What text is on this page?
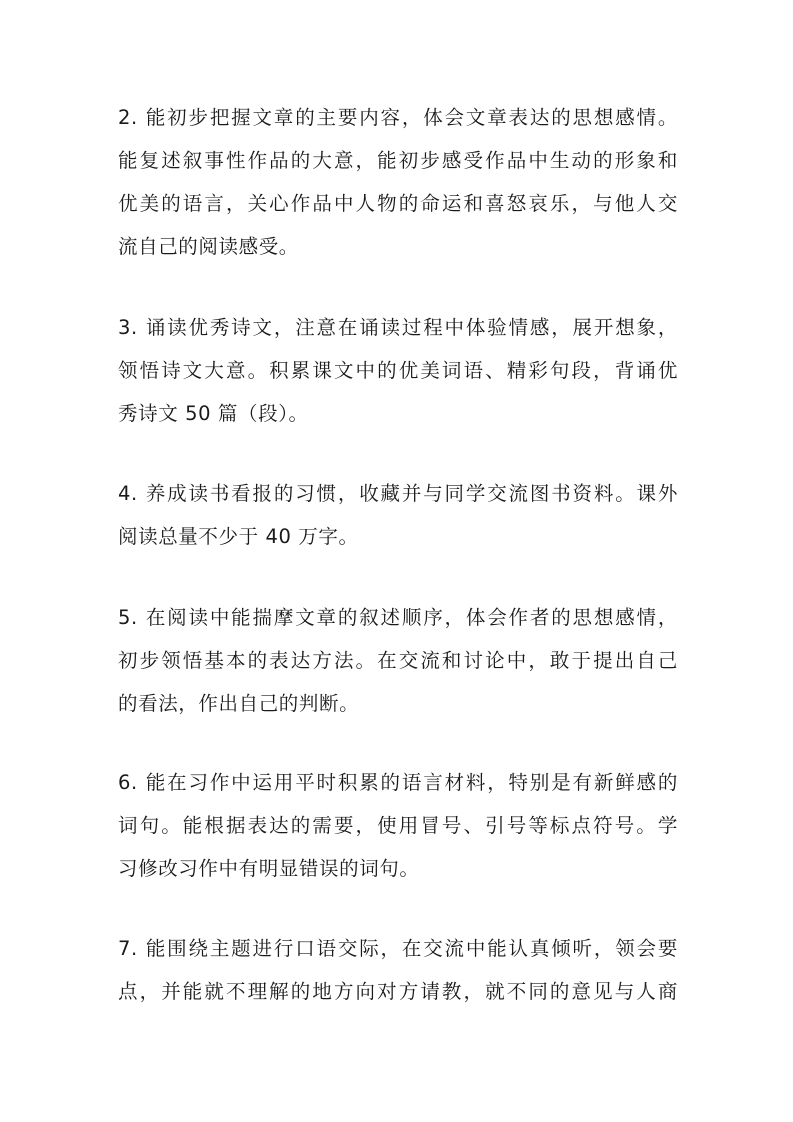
2. 能初步把握文章的主要内容，体会文章表达的思想感情。
能复述叙事性作品的大意，能初步感受作品中生动的形象和
优美的语言，关心作品中人物的命运和喜怒哀乐，与他人交
流自己的阅读感受。
3. 诵读优秀诗文，注意在诵读过程中体验情感，展开想象，
领悟诗文大意。积累课文中的优美词语、精彩句段，背诵优
秀诗文 50 篇（段）。
4. 养成读书看报的习惯，收藏并与同学交流图书资料。课外
阅读总量不少于 40 万字。
5. 在阅读中能揣摩文章的叙述顺序，体会作者的思想感情，
初步领悟基本的表达方法。在交流和讨论中，敢于提出自己
的看法，作出自己的判断。
6. 能在习作中运用平时积累的语言材料，特别是有新鲜感的
词句。能根据表达的需要，使用冒号、引号等标点符号。学
习修改习作中有明显错误的词句。
7. 能围绕主题进行口语交际，在交流中能认真倾听，领会要
点，并能就不理解的地方向对方请教，就不同的意见与人商
